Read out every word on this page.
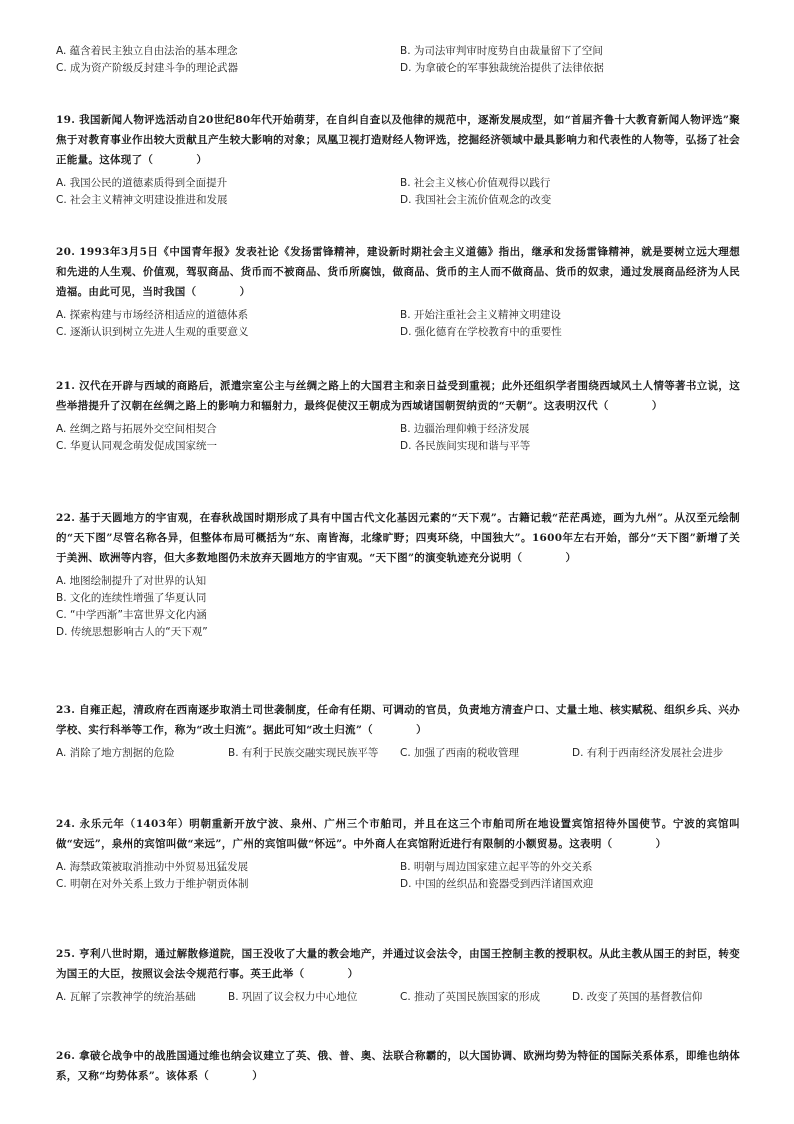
A. 蕴含着民主独立自由法治的基本理念	B. 为司法审判审时度势自由裁量留下了空间
C. 成为资产阶级反封建斗争的理论武器	D. 为拿破仑的军事独裁统治提供了法律依据
19. 我国新闻人物评选活动自20世纪80年代开始萌芽，在自纠自查以及他律的规范中，逐渐发展成型，如“首届齐鲁十大教育新闻人物评选”聚焦于对教育事业作出较大贡献且产生较大影响的对象；凤凰卫视打造财经人物评选，挖掘经济领域中最具影响力和代表性的人物等，弘扬了社会正能量。这体现了（　　　　）
A. 我国公民的道德素质得到全面提升	B. 社会主义核心价值观得以践行
C. 社会主义精神文明建设推进和发展	D. 我国社会主流价值观念的改变
20. 1993年3月5日《中国青年报》发表社论《发扬雷锋精神，建设新时期社会主义道德》指出，继承和发扬雷锋精神，就是要树立远大理想和先进的人生观、价值观，驾驭商品、货币而不被商品、货币所腐蚀，做商品、货币的主人而不做商品、货币的奴隶，通过发展商品经济为人民造福。由此可见，当时我国（　　　　）
A. 探索构建与市场经济相适应的道德体系	B. 开始注重社会主义精神文明建设
C. 逐渐认识到树立先进人生观的重要意义	D. 强化德育在学校教育中的重要性
21. 汉代在开辟与西域的商路后，派遣宗室公主与丝绸之路上的大国君主和亲日益受到重视；此外还组织学者围绕西域风土人情等著书立说，这些举措提升了汉朝在丝绸之路上的影响力和辐射力，最终促使汉王朝成为西域诸国朝贺纳贡的“天朝”。这表明汉代（　　　　）
A. 丝绸之路与拓展外交空间相契合	B. 边疆治理仰赖于经济发展
C. 华夏认同观念萌发促成国家统一	D. 各民族间实现和谐与平等
22. 基于天圆地方的宇宙观，在春秋战国时期形成了具有中国古代文化基因元素的“天下观”。古籍记载“茫茫禹迹，画为九州”。从汉至元绘制的“天下图”尽管名称各异，但整体布局可概括为“东、南皆海，北缘旷野；四夷环绕，中国独大”。1600年左右开始，部分“天下图”新增了关于美洲、欧洲等内容，但大多数地图仍未放弃天圆地方的宇宙观。“天下图”的演变轨迹充分说明（　　　　）
A. 地图绘制提升了对世界的认知
B. 文化的连续性增强了华夏认同
C. “中学西渐”丰富世界文化内涵
D. 传统思想影响古人的“天下观”
23. 自雍正起，清政府在西南逐步取消土司世袭制度，任命有任期、可调动的官员，负责地方清查户口、丈量土地、核实赋税、组织乡兵、兴办学校、实行科举等工作，称为“改土归流”。据此可知“改土归流”（　　　　）
A. 消除了地方割据的危险	B. 有利于民族交融实现民族平等	C. 加强了西南的税收管理	D. 有利于西南经济发展社会进步
24. 永乐元年（1403年）明朝重新开放宁波、泉州、广州三个市舶司，并且在这三个市舶司所在地设置宾馆招待外国使节。宁波的宾馆叫做“安远”，泉州的宾馆叫做“来远”，广州的宾馆叫做“怀远”。中外商人在宾馆附近进行有限制的小额贸易。这表明（　　　　）
A. 海禁政策被取消推动中外贸易迅猛发展	B. 明朝与周边国家建立起平等的外交关系
C. 明朝在对外关系上致力于维护朝贡体制	D. 中国的丝织品和瓷器受到西洋诸国欢迎
25. 亨利八世时期，通过解散修道院，国王没收了大量的教会地产，并通过议会法令，由国王控制主教的授职权。从此主教从国王的封臣，转变为国王的大臣，按照议会法令规范行事。英王此举（　　　　）
A. 瓦解了宗教神学的统治基础	B. 巩固了议会权力中心地位	C. 推动了英国民族国家的形成	D. 改变了英国的基督教信仰
26. 拿破仑战争中的战胜国通过维也纳会议建立了英、俄、普、奥、法联合称霸的，以大国协调、欧洲均势为特征的国际关系体系，即维也纳体系，又称“均势体系”。该体系（　　　　）
